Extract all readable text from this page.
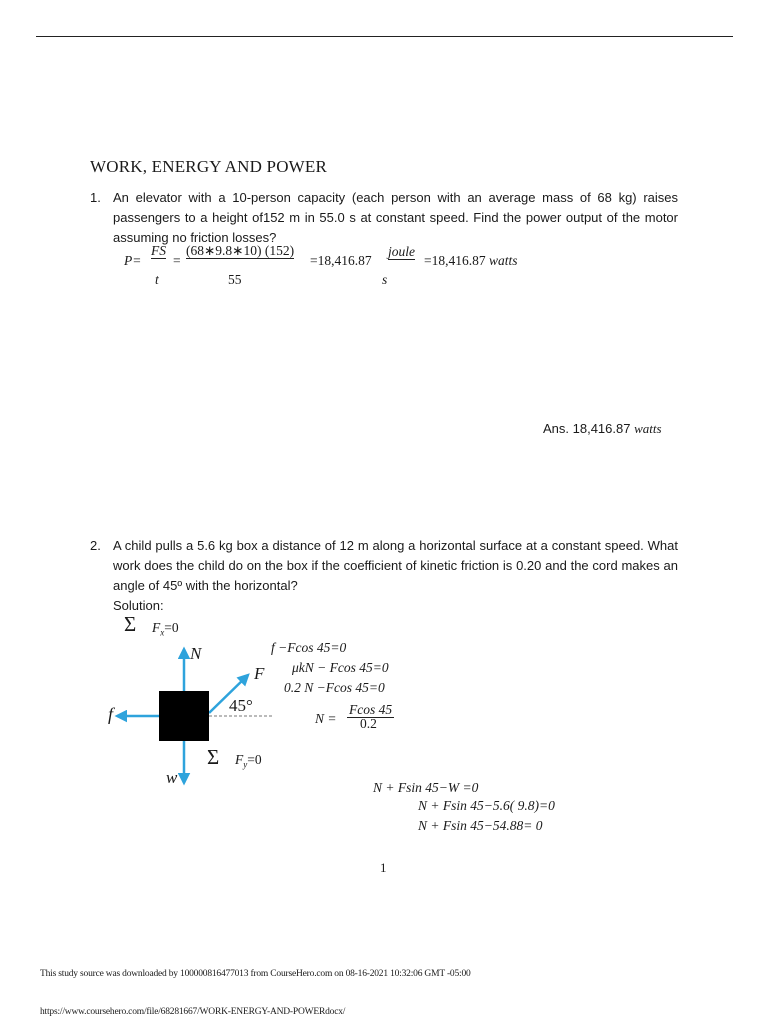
WORK, ENERGY AND POWER
1. An elevator with a 10-person capacity (each person with an average mass of 68 kg) raises passengers to a height of152 m in 55.0 s at constant speed. Find the power output of the motor assuming no friction losses?
P=
FS
t
=
(68∗9.8∗10) (152)
55
=18,416.87
joule
s
=18,416.87 watts
Ans. 18,416.87 watts
2. A child pulls a 5.6 kg box a distance of 12 m along a horizontal surface at a constant speed. What work does the child do on the box if the coefficient of kinetic friction is 0.20 and the cord makes an angle of 45º with the horizontal?
Solution:
Σ $F_x=0$
N
F
f
w
45°
Σ $F_y=0$
f −Fcos 45=0
μkN − Fcos 45=0
0.2 N −Fcos 45=0
N =
Fcos 45
0.2
N + Fsin 45−W =0
N + Fsin 45−5.6( 9.8)=0
N + Fsin 45−54.88= 0
1
This study source was downloaded by 100000816477013 from CourseHero.com on 08-16-2021 10:32:06 GMT -05:00
https://www.coursehero.com/file/68281667/WORK-ENERGY-AND-POWERdocx/
